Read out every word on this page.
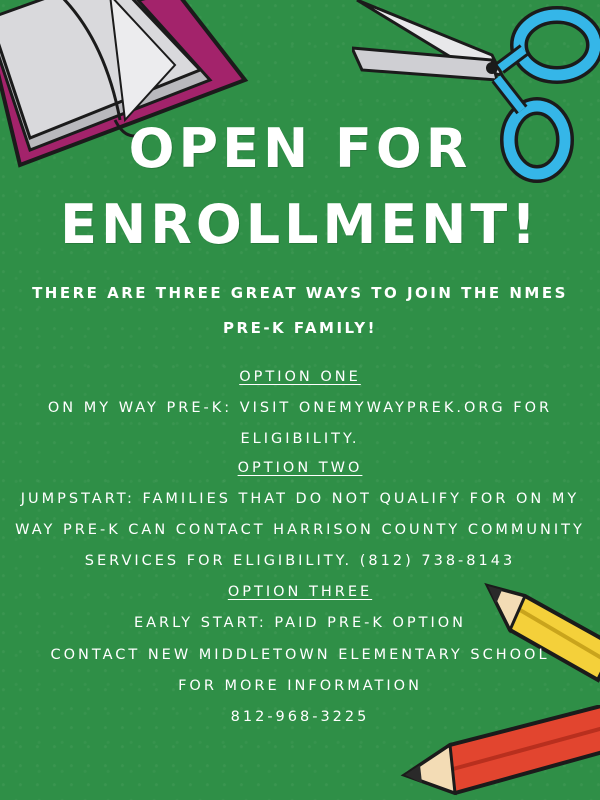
OPEN FOR
ENROLLMENT!
THERE ARE THREE GREAT WAYS TO JOIN THE NMES
PRE-K FAMILY!
OPTION ONE
ON MY WAY PRE-K: VISIT ONEMYWAYPREK.ORG FOR
ELIGIBILITY.
OPTION TWO
JUMPSTART: FAMILIES THAT DO NOT QUALIFY FOR ON MY
WAY PRE-K CAN CONTACT HARRISON COUNTY COMMUNITY
SERVICES FOR ELIGIBILITY. (812) 738-8143
OPTION THREE
EARLY START: PAID PRE-K OPTION
CONTACT NEW MIDDLETOWN ELEMENTARY SCHOOL
FOR MORE INFORMATION
812-968-3225
